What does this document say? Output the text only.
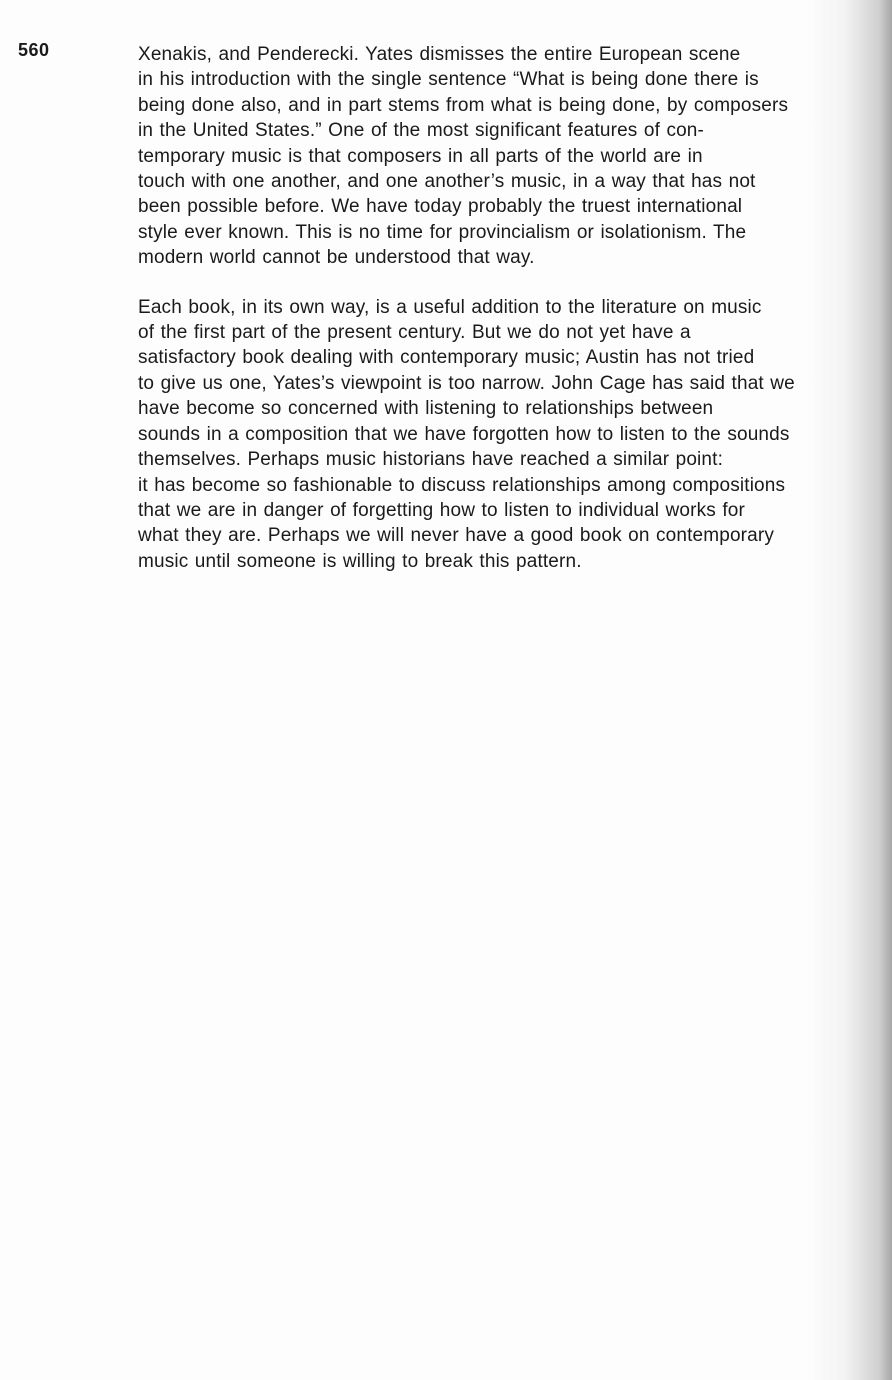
560	Xenakis, and Penderecki. Yates dismisses the entire European scene
in his introduction with the single sentence “What is being done there is
being done also, and in part stems from what is being done, by composers
in the United States.” One of the most significant features of con-
temporary music is that composers in all parts of the world are in
touch with one another, and one another’s music, in a way that has not
been possible before. We have today probably the truest international
style ever known. This is no time for provincialism or isolationism. The
modern world cannot be understood that way.

Each book, in its own way, is a useful addition to the literature on music
of the first part of the present century. But we do not yet have a
satisfactory book dealing with contemporary music; Austin has not tried
to give us one, Yates’s viewpoint is too narrow. John Cage has said that we
have become so concerned with listening to relationships between
sounds in a composition that we have forgotten how to listen to the sounds
themselves. Perhaps music historians have reached a similar point:
it has become so fashionable to discuss relationships among compositions
that we are in danger of forgetting how to listen to individual works for
what they are. Perhaps we will never have a good book on contemporary
music until someone is willing to break this pattern.
